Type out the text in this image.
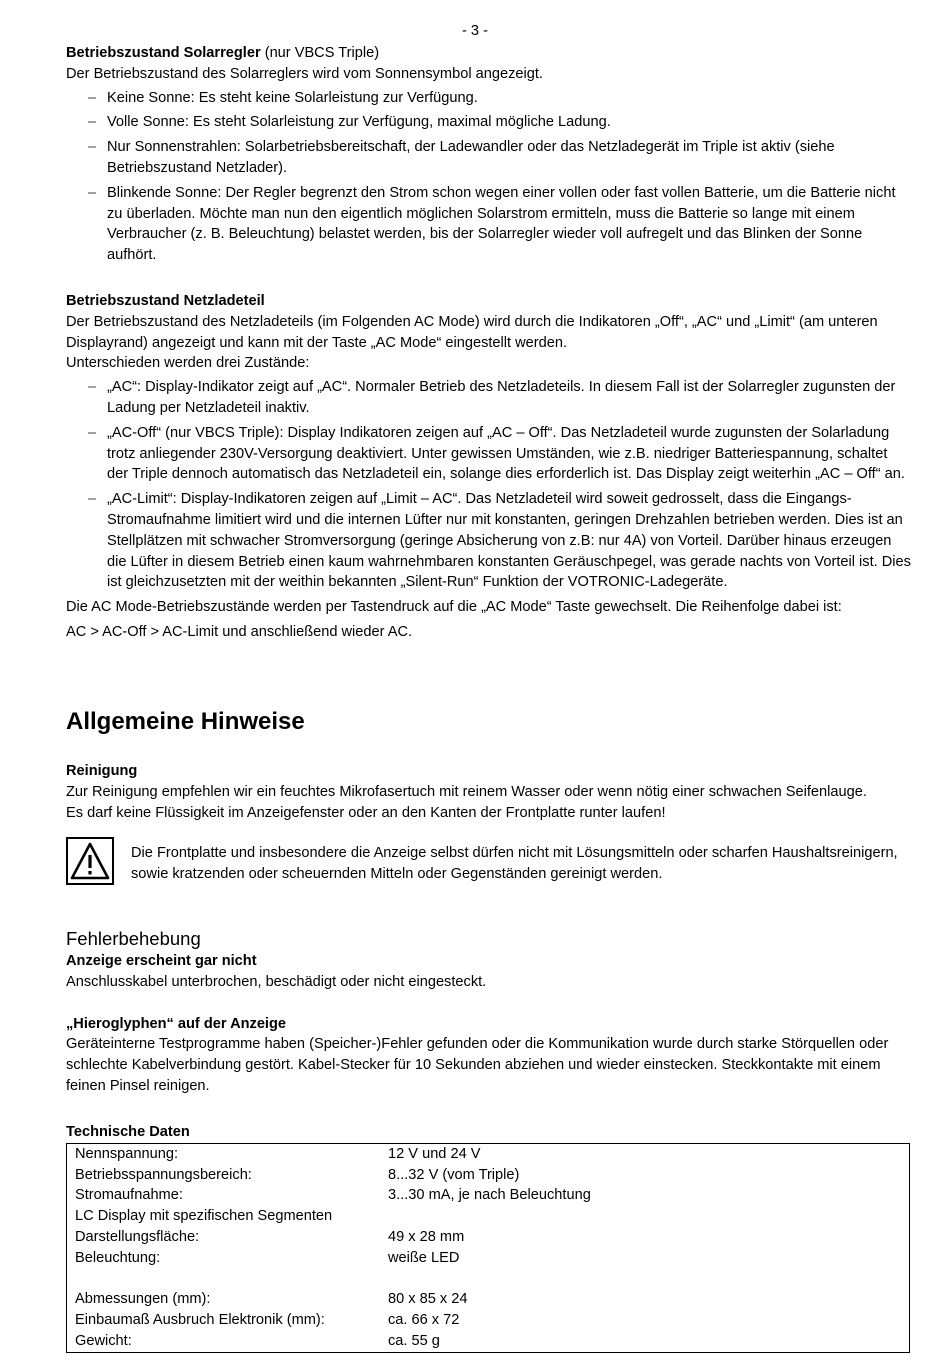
- 3 -

Betriebszustand Solarregler (nur VBCS Triple)

Der Betriebszustand des Solarreglers wird vom Sonnensymbol angezeigt.

– Keine Sonne: Es steht keine Solarleistung zur Verfügung.
– Volle Sonne: Es steht Solarleistung zur Verfügung, maximal mögliche Ladung.
– Nur Sonnenstrahlen: Solarbetriebsbereitschaft, der Ladewandler oder das Netzladegerät im Triple ist aktiv (siehe Betriebszustand Netzlader).
– Blinkende Sonne: Der Regler begrenzt den Strom schon wegen einer vollen oder fast vollen Batterie, um die Batterie nicht zu überladen. Möchte man nun den eigentlich möglichen Solarstrom ermitteln, muss die Batterie so lange mit einem Verbraucher (z. B. Beleuchtung) belastet werden, bis der Solarregler wieder voll aufregelt und das Blinken der Sonne aufhört.

Betriebszustand Netzladeteil

Der Betriebszustand des Netzladeteils (im Folgenden AC Mode) wird durch die Indikatoren „Off“, „AC“ und „Limit“ (am unteren Displayrand) angezeigt und kann mit der Taste „AC Mode“ eingestellt werden.

Unterschieden werden drei Zustände:

– „AC“: Display-Indikator zeigt auf „AC“. Normaler Betrieb des Netzladeteils. In diesem Fall ist der Solarregler zugunsten der Ladung per Netzladeteil inaktiv.
– „AC-Off“ (nur VBCS Triple): Display Indikatoren zeigen auf „AC – Off“. Das Netzladeteil wurde zugunsten der Solarladung trotz anliegender 230V-Versorgung deaktiviert. Unter gewissen Umständen, wie z.B. niedriger Batteriespannung, schaltet der Triple dennoch automatisch das Netzladeteil ein, solange dies erforderlich ist. Das Display zeigt weiterhin „AC – Off“ an.
– „AC-Limit“: Display-Indikatoren zeigen auf „Limit – AC“. Das Netzladeteil wird soweit gedrosselt, dass die Eingangs-Stromaufnahme limitiert wird und die internen Lüfter nur mit konstanten, geringen Drehzahlen betrieben werden. Dies ist an Stellplätzen mit schwacher Stromversorgung (geringe Absicherung von z.B: nur 4A) von Vorteil. Darüber hinaus erzeugen die Lüfter in diesem Betrieb einen kaum wahrnehmbaren konstanten Geräuschpegel, was gerade nachts von Vorteil ist. Dies ist gleichzusetzten mit der weithin bekannten „Silent-Run“ Funktion der VOTRONIC-Ladegeräte.

Die AC Mode-Betriebszustände werden per Tastendruck auf die „AC Mode“ Taste gewechselt. Die Reihenfolge dabei ist:

AC > AC-Off > AC-Limit und anschließend wieder AC.

Allgemeine Hinweise

Reinigung

Zur Reinigung empfehlen wir ein feuchtes Mikrofasertuch mit reinem Wasser oder wenn nötig einer schwachen Seifenlauge.

Es darf keine Flüssigkeit im Anzeigefenster oder an den Kanten der Frontplatte runter laufen!

Die Frontplatte und insbesondere die Anzeige selbst dürfen nicht mit Lösungsmitteln oder scharfen Haushaltsreinigern, sowie kratzenden oder scheuernden Mitteln oder Gegenständen gereinigt werden.

Fehlerbehebung

Anzeige erscheint gar nicht

Anschlusskabel unterbrochen, beschädigt oder nicht eingesteckt.

„Hieroglyphen“ auf der Anzeige

Geräteinterne Testprogramme haben (Speicher-)Fehler gefunden oder die Kommunikation wurde durch starke Störquellen oder schlechte Kabelverbindung gestört. Kabel-Stecker für 10 Sekunden abziehen und wieder einstecken. Steckkontakte mit einem feinen Pinsel reinigen.

Technische Daten

Nennspannung:	12 V und 24 V
Betriebsspannungsbereich:	8...32 V (vom Triple)
Stromaufnahme:	3...30 mA, je nach Beleuchtung
LC Display mit spezifischen Segmenten	
Darstellungsfläche:	49 x 28 mm
Beleuchtung:	weiße LED

Abmessungen (mm):	80 x 85 x 24
Einbaumaß Ausbruch Elektronik (mm):	ca. 66 x 72
Gewicht:	ca. 55 g
